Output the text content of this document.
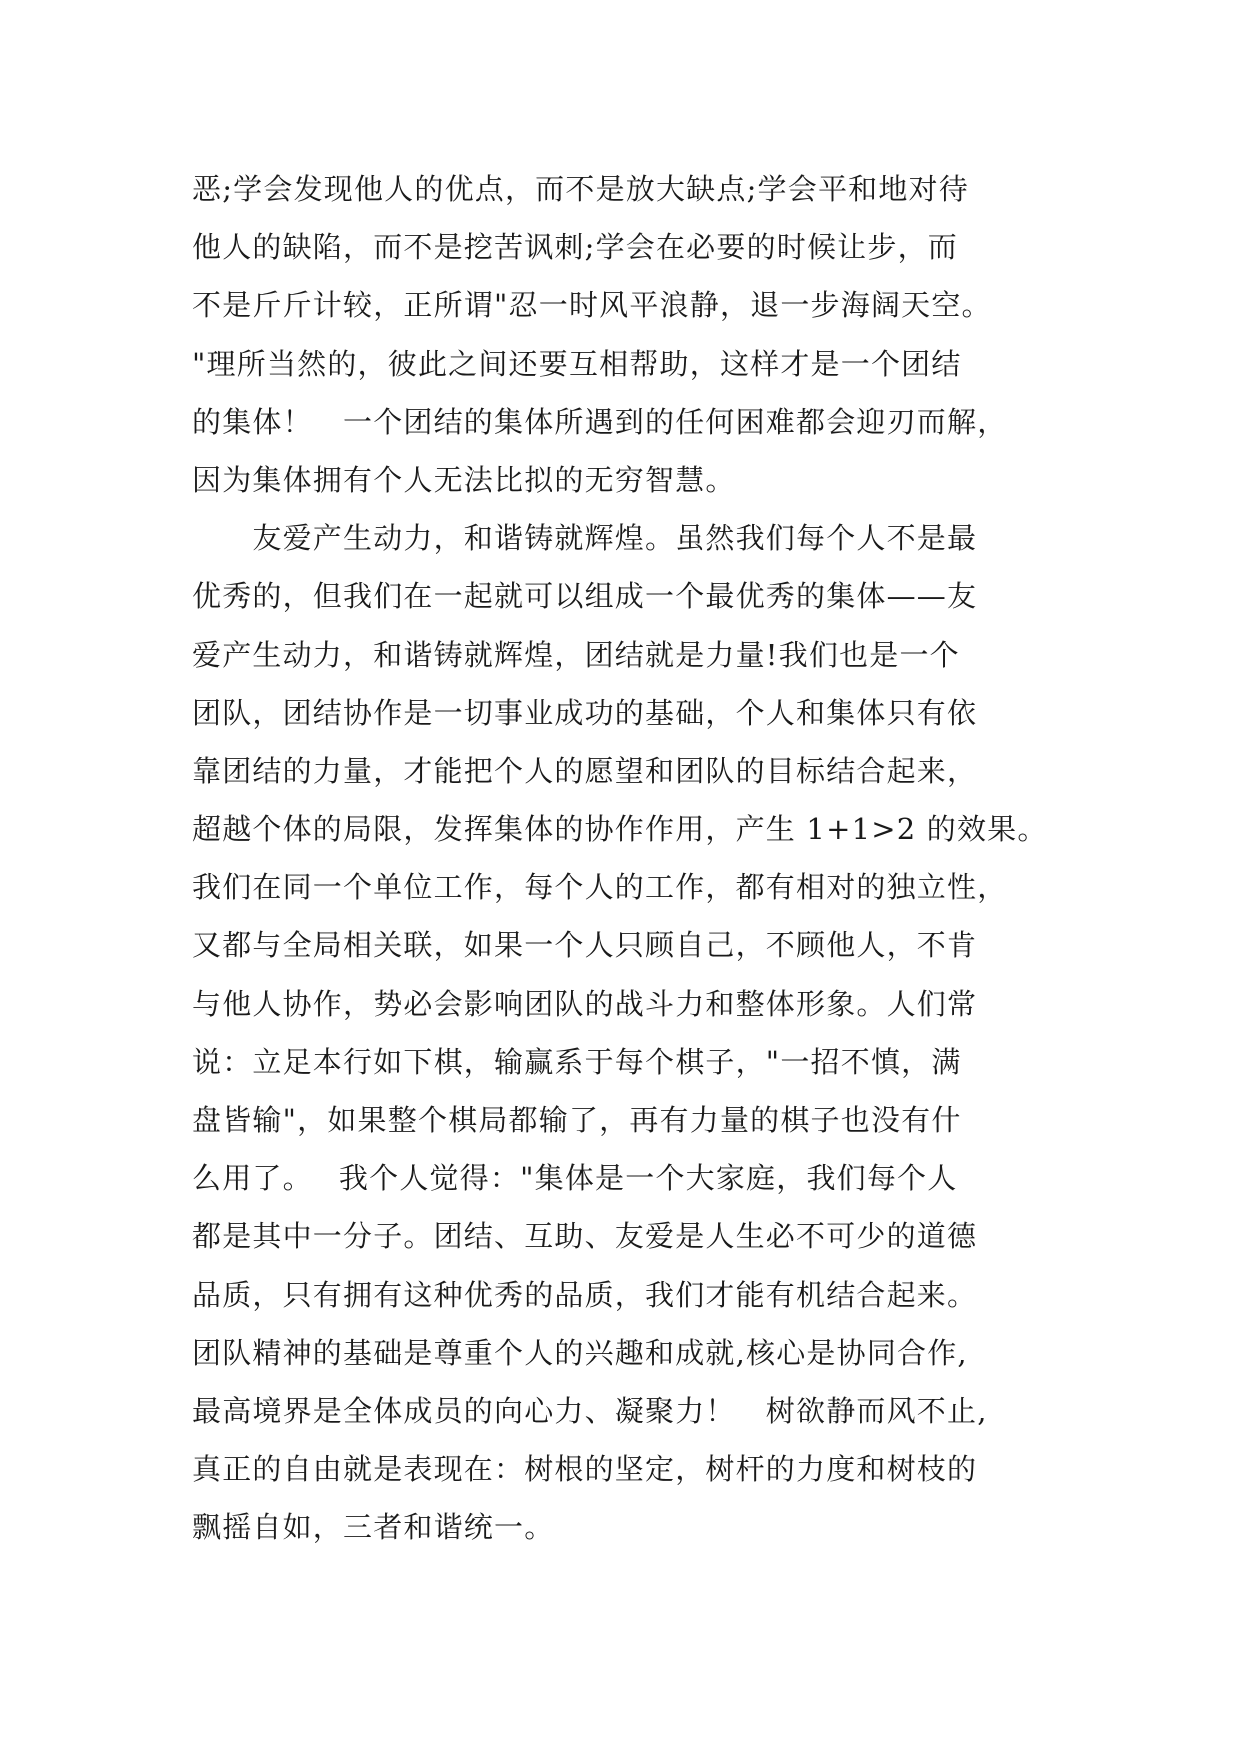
恶;学会发现他人的优点，而不是放大缺点;学会平和地对待
他人的缺陷，而不是挖苦讽刺;学会在必要的时候让步，而
不是斤斤计较，正所谓"忍一时风平浪静，退一步海阔天空。
"理所当然的，彼此之间还要互相帮助，这样才是一个团结
的集体！　一个团结的集体所遇到的任何困难都会迎刃而解，
因为集体拥有个人无法比拟的无穷智慧。
　　友爱产生动力，和谐铸就辉煌。虽然我们每个人不是最
优秀的，但我们在一起就可以组成一个最优秀的集体——友
爱产生动力，和谐铸就辉煌，团结就是力量!我们也是一个
团队，团结协作是一切事业成功的基础，个人和集体只有依
靠团结的力量，才能把个人的愿望和团队的目标结合起来，
超越个体的局限，发挥集体的协作作用，产生 1+1>2 的效果。
我们在同一个单位工作，每个人的工作，都有相对的独立性，
又都与全局相关联，如果一个人只顾自己，不顾他人，不肯
与他人协作，势必会影响团队的战斗力和整体形象。人们常
说：立足本行如下棋，输赢系于每个棋子，"一招不慎，满
盘皆输"，如果整个棋局都输了，再有力量的棋子也没有什
么用了。　 我个人觉得："集体是一个大家庭，我们每个人
都是其中一分子。团结、互助、友爱是人生必不可少的道德
品质，只有拥有这种优秀的品质，我们才能有机结合起来。
团队精神的基础是尊重个人的兴趣和成就,核心是协同合作,
最高境界是全体成员的向心力、凝聚力！　树欲静而风不止,
真正的自由就是表现在：树根的坚定，树杆的力度和树枝的
飘摇自如，三者和谐统一。
